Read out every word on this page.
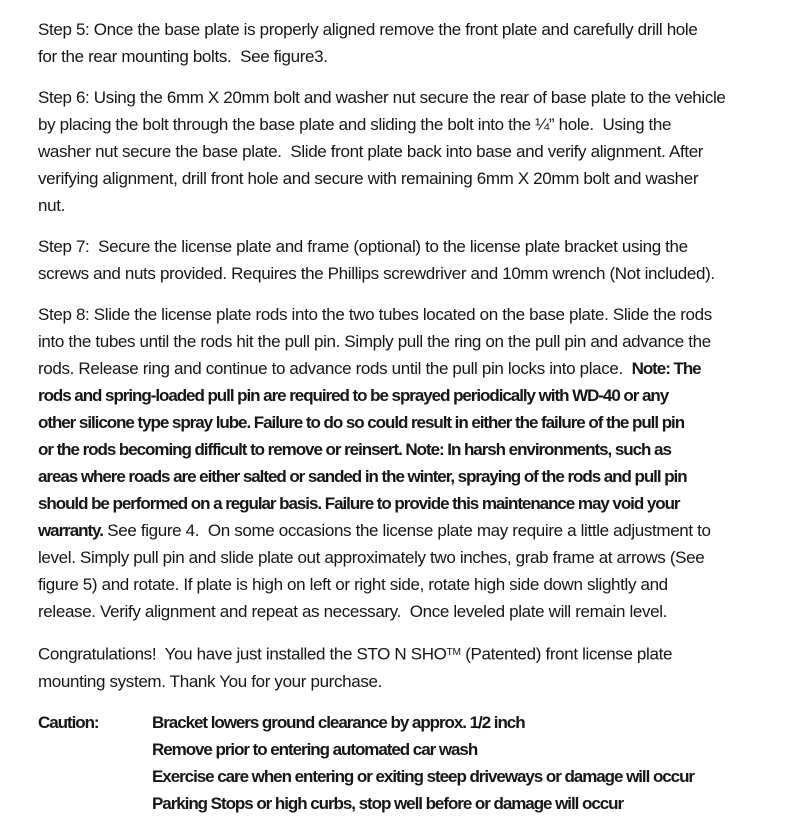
Step 5: Once the base plate is properly aligned remove the front plate and carefully drill hole
for the rear mounting bolts.  See figure3.
Step 6: Using the 6mm X 20mm bolt and washer nut secure the rear of base plate to the vehicle
by placing the bolt through the base plate and sliding the bolt into the ¼” hole.  Using the
washer nut secure the base plate.  Slide front plate back into base and verify alignment. After
verifying alignment, drill front hole and secure with remaining 6mm X 20mm bolt and washer
nut.
Step 7:  Secure the license plate and frame (optional) to the license plate bracket using the
screws and nuts provided. Requires the Phillips screwdriver and 10mm wrench (Not included).
Step 8: Slide the license plate rods into the two tubes located on the base plate. Slide the rods
into the tubes until the rods hit the pull pin. Simply pull the ring on the pull pin and advance the
rods. Release ring and continue to advance rods until the pull pin locks into place.  Note: The
rods and spring-loaded pull pin are required to be sprayed periodically with WD-40 or any
other silicone type spray lube. Failure to do so could result in either the failure of the pull pin
or the rods becoming difficult to remove or reinsert. Note: In harsh environments, such as
areas where roads are either salted or sanded in the winter, spraying of the rods and pull pin
should be performed on a regular basis. Failure to provide this maintenance may void your
warranty. See figure 4.  On some occasions the license plate may require a little adjustment to
level. Simply pull pin and slide plate out approximately two inches, grab frame at arrows (See
figure 5) and rotate. If plate is high on left or right side, rotate high side down slightly and
release. Verify alignment and repeat as necessary.  Once leveled plate will remain level.
Congratulations!  You have just installed the STO N SHO™ (Patented) front license plate
mounting system. Thank You for your purchase.
Caution:	Bracket lowers ground clearance by approx. 1/2 inch
Remove prior to entering automated car wash
Exercise care when entering or exiting steep driveways or damage will occur
Parking Stops or high curbs, stop well before or damage will occur
